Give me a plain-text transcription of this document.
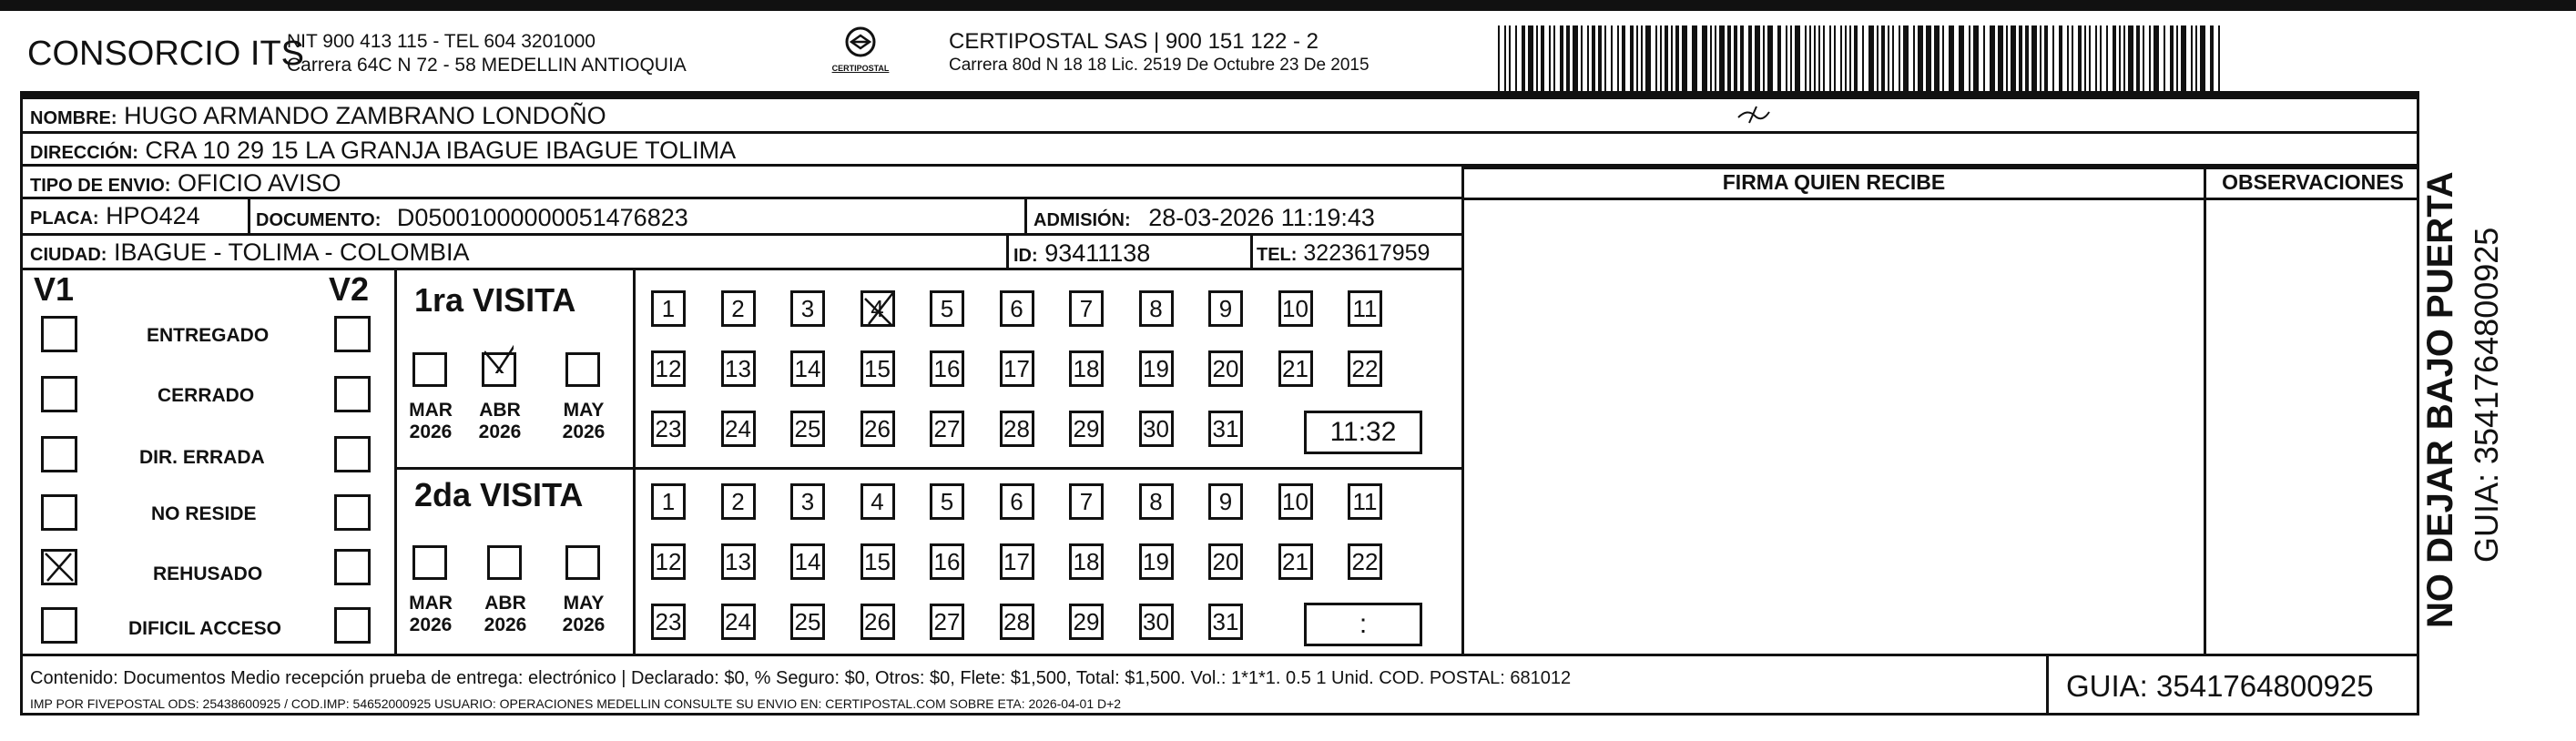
CONSORCIO ITS
NIT 900 413 115 - TEL 604 3201000
Carrera 64C N 72 - 58 MEDELLIN ANTIOQUIA	CERTIPOSTAL
CERTIPOSTAL SAS | 900 151 122 - 2
Carrera 80d N 18 18 Lic. 2519 De Octubre 23 De 2015
NOMBRE: HUGO ARMANDO ZAMBRANO LONDOÑO
DIRECCIÓN: CRA 10 29 15 LA GRANJA IBAGUE IBAGUE TOLIMA
TIPO DE ENVIO: OFICIO AVISO
PLACA: HPO424	DOCUMENTO: D05001000000051476823	ADMISIÓN: 28-03-2026 11:19:43
CIUDAD: IBAGUE - TOLIMA - COLOMBIA	ID: 93411138	TEL: 3223617959
FIRMA QUIEN RECIBE	OBSERVACIONES
V1	V2
ENTREGADO
CERRADO
DIR. ERRADA
NO RESIDE
REHUSADO
DIFICIL ACCESO
1ra VISITA
MAR
2026
ABR
2026
MAY
2026
2da VISITA
MAR
2026
ABR
2026
MAY
2026
1	2	3	4	5	6	7	8	9	10 11
12 13 14 15 16 17 18 19 20 21 22
23 24 25 26 27 28 29 30 31
1	2	3	4	5	6	7	8	9	10 11
12 13 14 15 16 17 18 19 20 21 22
23 24 25 26 27 28 29 30 31
11:32
:
Contenido: Documentos Medio recepción prueba de entrega: electrónico | Declarado: $0, % Seguro: $0, Otros: $0, Flete: $1,500, Total: $1,500. Vol.: 1*1*1. 0.5 1 Unid. COD. POSTAL: 681012
IMP POR FIVEPOSTAL ODS: 25438600925 / COD.IMP: 54652000925 USUARIO: OPERACIONES MEDELLIN CONSULTE SU ENVIO EN: CERTIPOSTAL.COM SOBRE ETA: 2026-04-01 D+2
GUIA: 3541764800925
NO DEJAR BAJO PUERTA GUIA: 3541764800925
